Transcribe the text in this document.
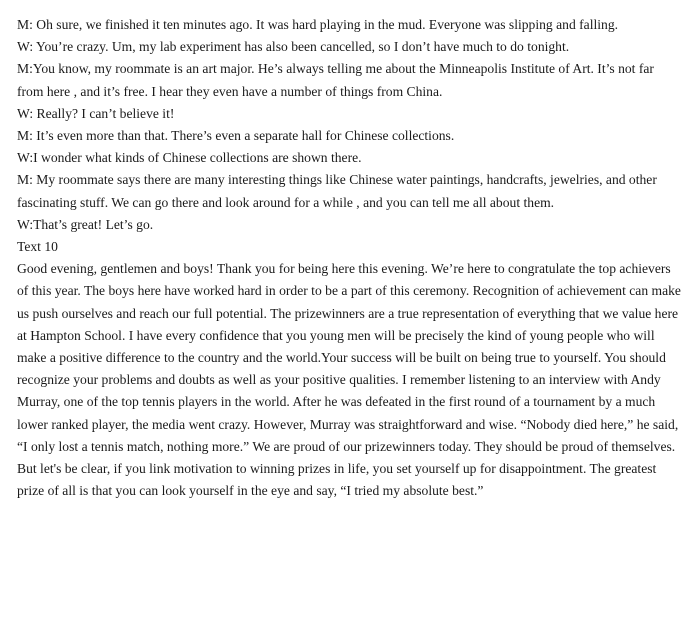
M: Oh sure, we finished it ten minutes ago. It was hard playing in the mud. Everyone was slipping and falling.

W: You’re crazy. Um, my lab experiment has also been cancelled, so I don’t have much to do tonight.

M:You know, my roommate is an art major. He’s always telling me about the Minneapolis Institute of Art. It’s not far from here , and it’s free. I hear they even have a number of things from China.

W: Really? I can’t believe it!

M: It’s even more than that. There’s even a separate hall for Chinese collections.

W:I wonder what kinds of Chinese collections are shown there.

M: My roommate says there are many interesting things like Chinese water paintings, handcrafts, jewelries, and other fascinating stuff. We can go there and look around for a while , and you can tell me all about them.

W:That’s great! Let’s go.

Text 10

Good evening, gentlemen and boys! Thank you for being here this evening. We’re here to congratulate the top achievers of this year. The boys here have worked hard in order to be a part of this ceremony. Recognition of achievement can make us push ourselves and reach our full potential. The prizewinners are a true representation of everything that we value here at Hampton School. I have every confidence that you young men will be precisely the kind of young people who will make a positive difference to the country and the world.Your success will be built on being true to yourself. You should recognize your problems and doubts as well as your positive qualities. I remember listening to an interview with Andy Murray, one of the top tennis players in the world. After he was defeated in the first round of a tournament by a much lower ranked player, the media went crazy. However, Murray was straightforward and wise. “Nobody died here,” he said, “I only lost a tennis match, nothing more.” We are proud of our prizewinners today. They should be proud of themselves. But let's be clear, if you link motivation to winning prizes in life, you set yourself up for disappointment. The greatest prize of all is that you can look yourself in the eye and say, “I tried my absolute best.”
